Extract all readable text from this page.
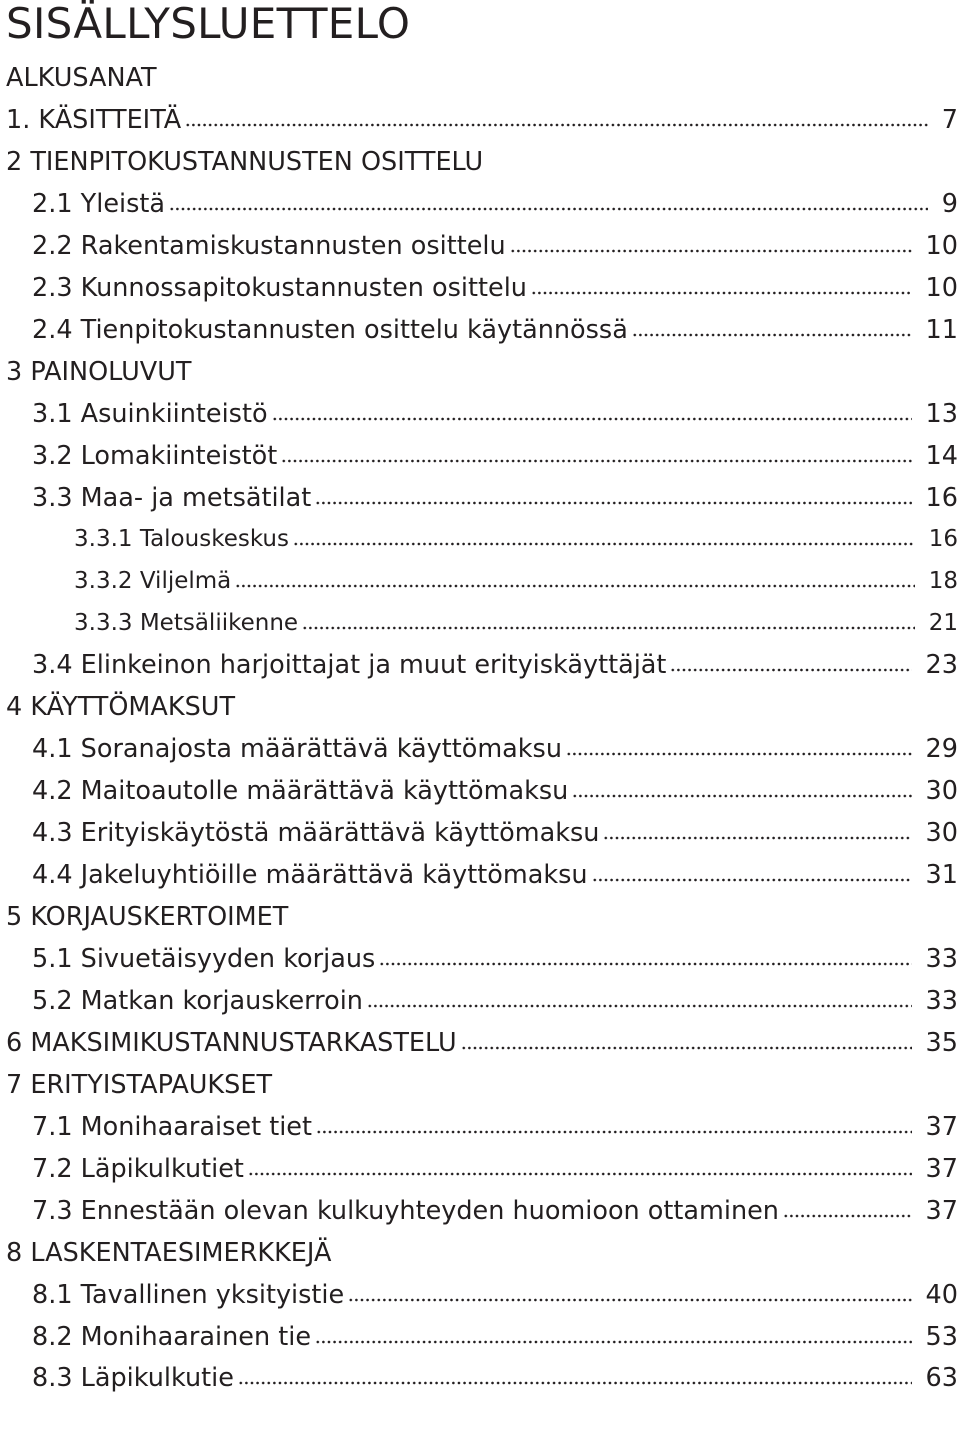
SISÄLLYSLUETTELO
ALKUSANAT
1. KÄSITTEITÄ	7
2 TIENPITOKUSTANNUSTEN OSITTELU
2.1 Yleistä	9
2.2 Rakentamiskustannusten osittelu	10
2.3 Kunnossapitokustannusten osittelu	10
2.4 Tienpitokustannusten osittelu käytännössä	11
3 PAINOLUVUT
3.1 Asuinkiinteistö	13
3.2 Lomakiinteistöt	14
3.3 Maa- ja metsätilat	16
3.3.1 Talouskeskus	16
3.3.2 Viljelmä	18
3.3.3 Metsäliikenne	21
3.4 Elinkeinon harjoittajat ja muut erityiskäyttäjät	23
4 KÄYTTÖMAKSUT
4.1 Soranajosta määrättävä käyttömaksu	29
4.2 Maitoautolle määrättävä käyttömaksu	30
4.3 Erityiskäytöstä määrättävä käyttömaksu	30
4.4 Jakeluyhtiöille määrättävä käyttömaksu	31
5 KORJAUSKERTOIMET
5.1 Sivuetäisyyden korjaus	33
5.2 Matkan korjauskerroin	33
6 MAKSIMIKUSTANNUSTARKASTELU	35
7 ERITYISTAPAUKSET
7.1 Monihaaraiset tiet	37
7.2 Läpikulkutiet	37
7.3 Ennestään olevan kulkuyhteyden huomioon ottaminen	37
8 LASKENTAESIMERKKEJÄ
8.1 Tavallinen yksityistie	40
8.2 Monihaarainen tie	53
8.3 Läpikulkutie	63
